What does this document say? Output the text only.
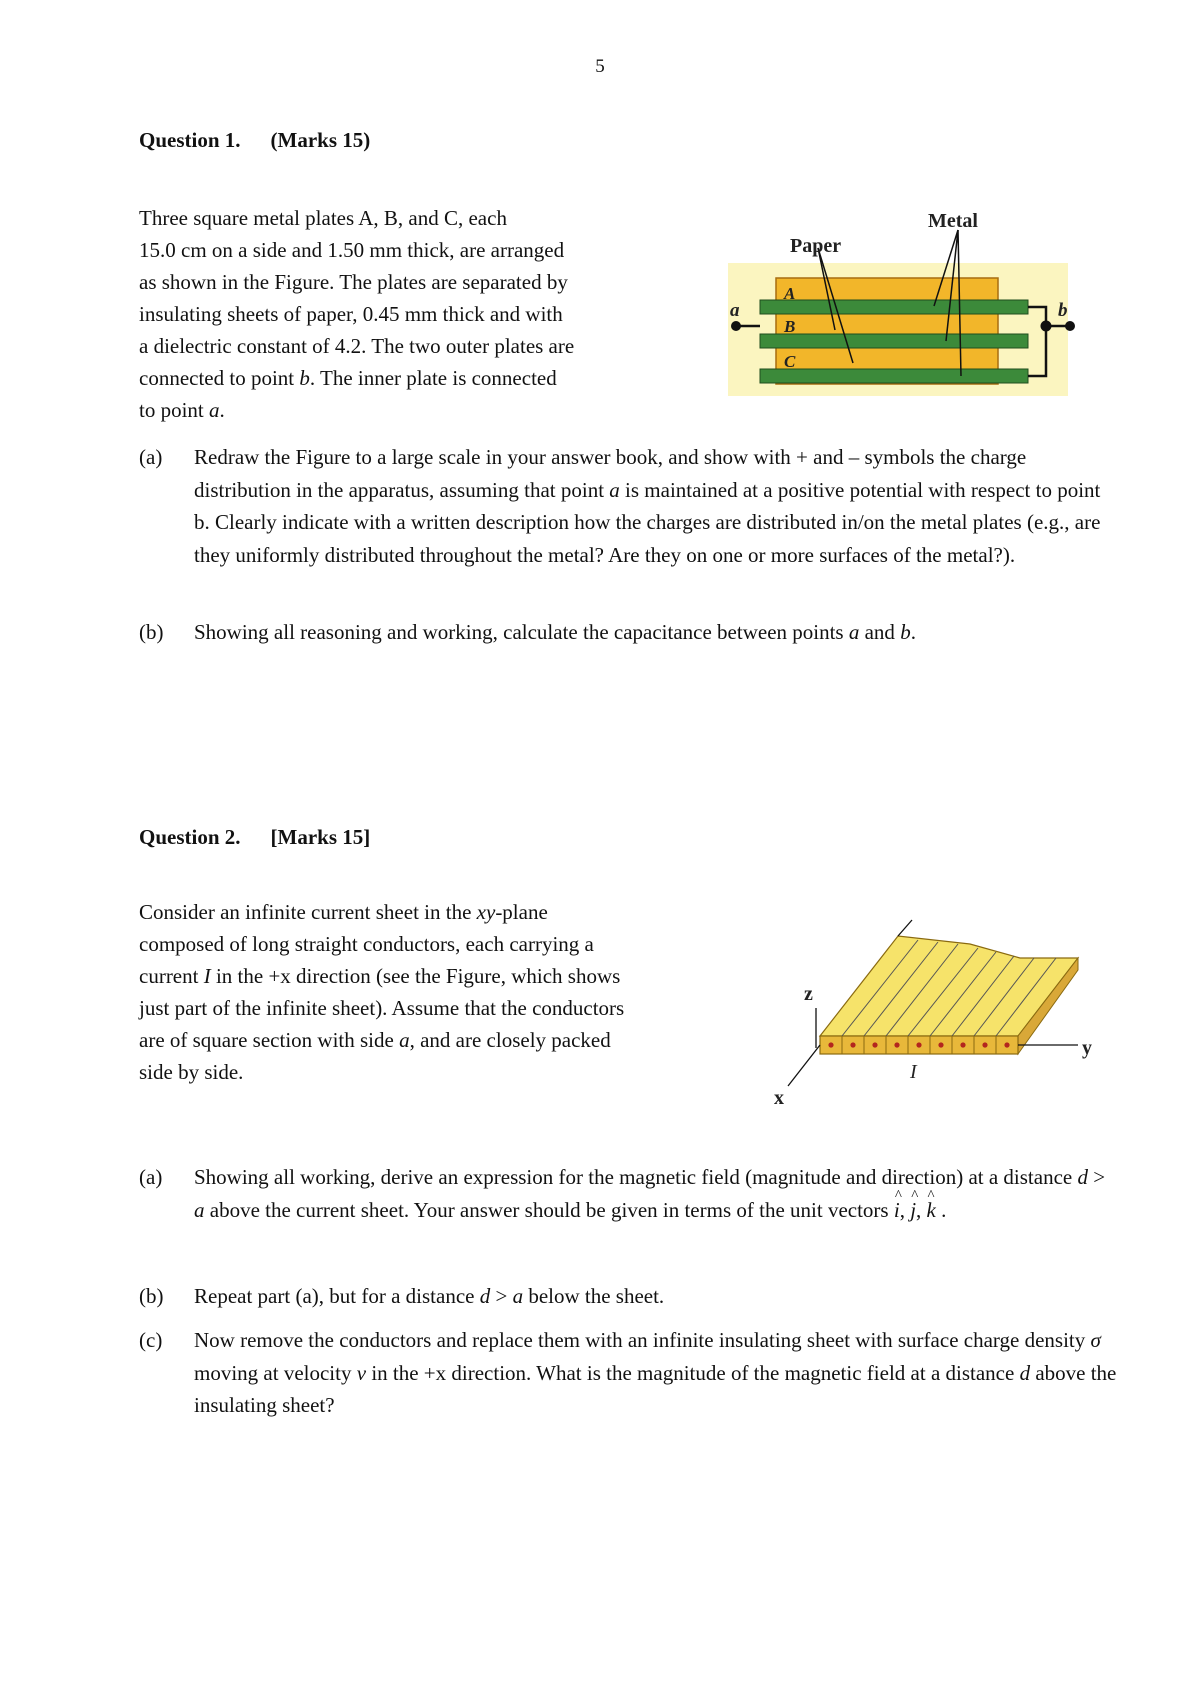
5
Question 1. (Marks 15)
Three square metal plates A, B, and C, each
15.0 cm on a side and 1.50 mm thick, are arranged
as shown in the Figure. The plates are separated by
insulating sheets of paper, 0.45 mm thick and with
a dielectric constant of 4.2. The two outer plates are
connected to point b. The inner plate is connected
to point a.
Paper
Metal
A
B
C
a	b
(a) Redraw the Figure to a large scale in your answer book, and show with + and – symbols the charge distribution in the apparatus, assuming that point a is maintained at a positive potential with respect to point b. Clearly indicate with a written description how the charges are distributed in/on the metal plates (e.g., are they uniformly distributed throughout the metal? Are they on one or more surfaces of the metal?).
(b) Showing all reasoning and working, calculate the capacitance between points a and b.
Question 2. [Marks 15]
Consider an infinite current sheet in the xy-plane
composed of long straight conductors, each carrying a
current I in the +x direction (see the Figure, which shows
just part of the infinite sheet). Assume that the conductors
are of square section with side a, and are closely packed
side by side.
z
y
x
I
(a) Showing all working, derive an expression for the magnetic field (magnitude and direction) at a distance d > a above the current sheet. Your answer should be given in terms of the unit vectors ^ i, ^ j, ^ k .
(b) Repeat part (a), but for a distance d > a below the sheet.
(c) Now remove the conductors and replace them with an infinite insulating sheet with surface charge density σ moving at velocity v in the +x direction. What is the magnitude of the magnetic field at a distance d above the insulating sheet?
